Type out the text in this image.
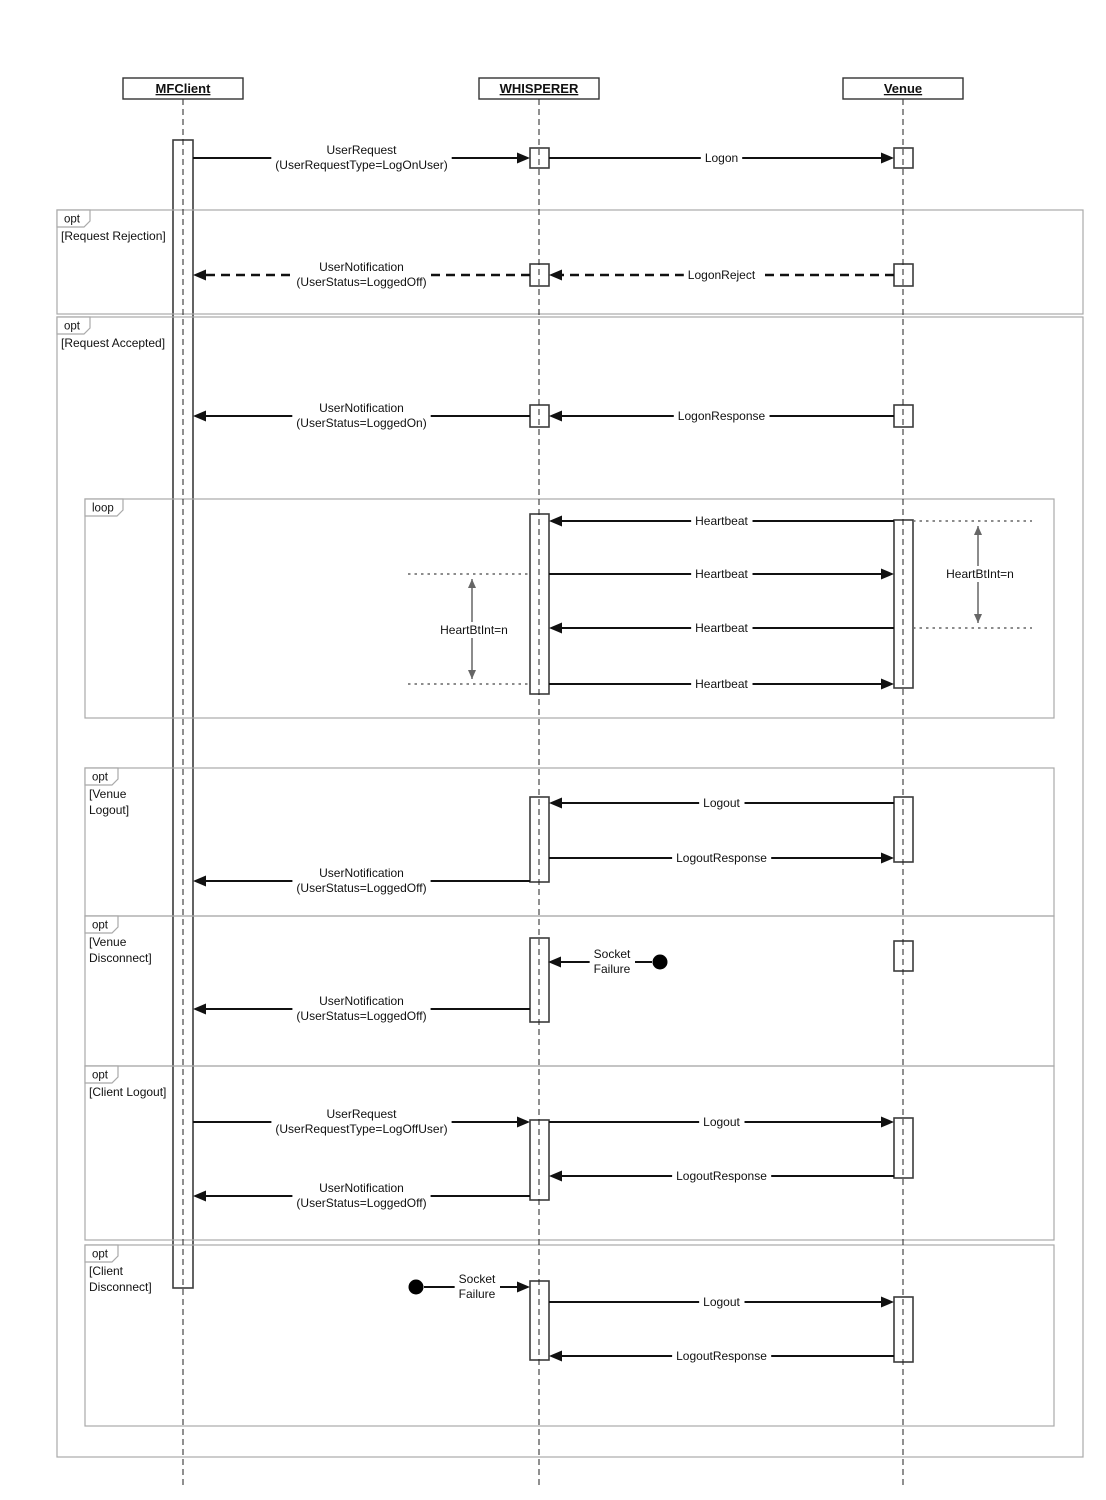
opt
[Request Rejection]
opt
[Request Accepted]
loop
opt
[Venue
Logout]
opt
[Venue
Disconnect]
opt
[Client Logout]
opt
[Client
Disconnect]
MFClient	WHISPERER	Venue
HeartBtInt=n
HeartBtInt=n
UserRequest
(UserRequestType=LogOnUser)	Logon
UserNotification
(UserStatus=LoggedOff)	LogonReject
UserNotification
(UserStatus=LoggedOn)	LogonResponse
Heartbeat
Heartbeat
Heartbeat
Heartbeat
Logout
LogoutResponse
UserNotification
(UserStatus=LoggedOff)
Socket
Failure
UserNotification
(UserStatus=LoggedOff)
UserRequest
(UserRequestType=LogOffUser)	Logout
LogoutResponse
UserNotification
(UserStatus=LoggedOff)
Socket
Failure
Logout
LogoutResponse
